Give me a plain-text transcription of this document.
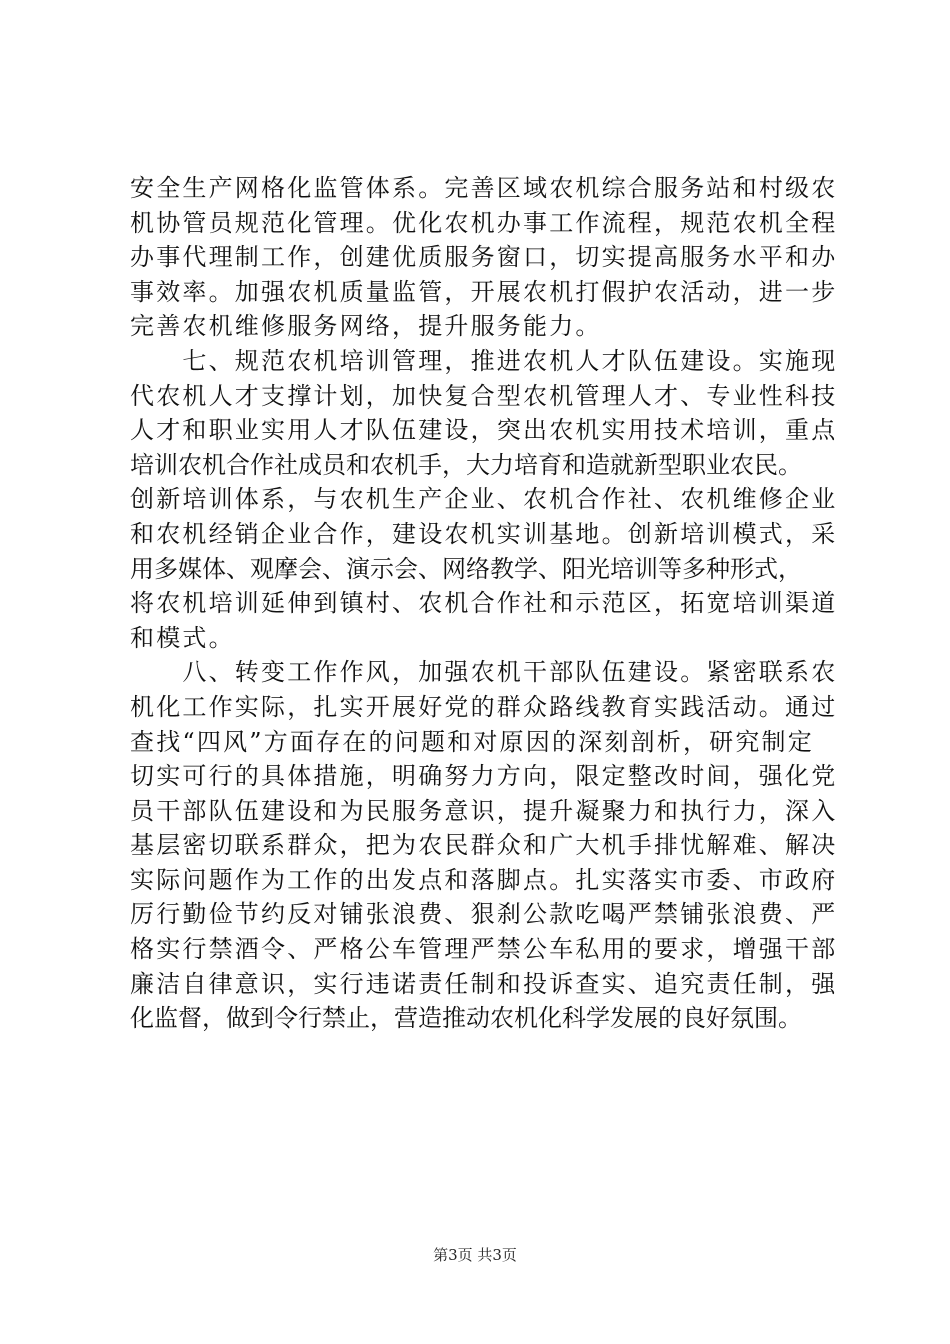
安全生产网格化监管体系。完善区域农机综合服务站和村级农
机协管员规范化管理。优化农机办事工作流程，规范农机全程
办事代理制工作，创建优质服务窗口，切实提高服务水平和办
事效率。加强农机质量监管，开展农机打假护农活动，进一步
完善农机维修服务网络，提升服务能力。
　　七、规范农机培训管理，推进农机人才队伍建设。实施现
代农机人才支撑计划，加快复合型农机管理人才、专业性科技
人才和职业实用人才队伍建设，突出农机实用技术培训，重点
培训农机合作社成员和农机手，大力培育和造就新型职业农民。
创新培训体系，与农机生产企业、农机合作社、农机维修企业
和农机经销企业合作，建设农机实训基地。创新培训模式，采
用多媒体、观摩会、演示会、网络教学、阳光培训等多种形式，
将农机培训延伸到镇村、农机合作社和示范区，拓宽培训渠道
和模式。
　　八、转变工作作风，加强农机干部队伍建设。紧密联系农
机化工作实际，扎实开展好党的群众路线教育实践活动。通过
查找“四风”方面存在的问题和对原因的深刻剖析，研究制定
切实可行的具体措施，明确努力方向，限定整改时间，强化党
员干部队伍建设和为民服务意识，提升凝聚力和执行力，深入
基层密切联系群众，把为农民群众和广大机手排忧解难、解决
实际问题作为工作的出发点和落脚点。扎实落实市委、市政府
厉行勤俭节约反对铺张浪费、狠刹公款吃喝严禁铺张浪费、严
格实行禁酒令、严格公车管理严禁公车私用的要求，增强干部
廉洁自律意识，实行违诺责任制和投诉查实、追究责任制，强
化监督，做到令行禁止，营造推动农机化科学发展的良好氛围。
第3页 共3页
